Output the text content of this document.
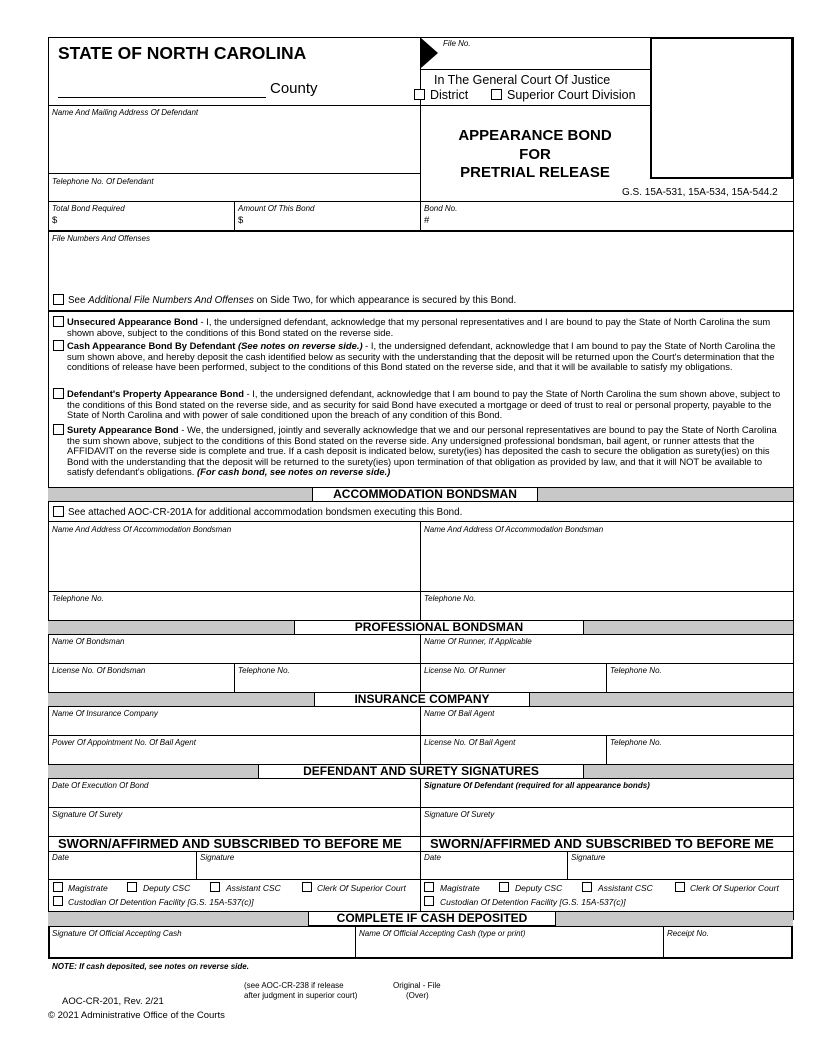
STATE OF NORTH CAROLINA
County
File No.
In The General Court Of Justice
District	Superior Court Division
Name And Mailing Address Of Defendant
APPEARANCE BOND
FOR
PRETRIAL RELEASE
Telephone No. Of Defendant
G.S. 15A-531, 15A-534, 15A-544.2
Total Bond Required
$
Amount Of This Bond
$
Bond No.
#
File Numbers And Offenses
See Additional File Numbers And Offenses on Side Two, for which appearance is secured by this Bond.
Unsecured Appearance Bond - I, the undersigned defendant, acknowledge that my personal representatives and I are bound to pay the State of North Carolina the sum shown above, subject to the conditions of this Bond stated on the reverse side.
Cash Appearance Bond By Defendant (See notes on reverse side.) - I, the undersigned defendant, acknowledge that I am bound to pay the State of North Carolina the sum shown above, and hereby deposit the cash identified below as security with the understanding that the deposit will be returned upon the Court's determination that the conditions of release have been performed, subject to the conditions of this Bond stated on the reverse side, and that it will be available to satisfy my obligations.
Defendant's Property Appearance Bond - I, the undersigned defendant, acknowledge that I am bound to pay the State of North Carolina the sum shown above, subject to the conditions of this Bond stated on the reverse side, and as security for said Bond have executed a mortgage or deed of trust to real or personal property, payable to the State of North Carolina and with power of sale conditioned upon the breach of any condition of this Bond.
Surety Appearance Bond - We, the undersigned, jointly and severally acknowledge that we and our personal representatives are bound to pay the State of North Carolina the sum shown above, subject to the conditions of this Bond stated on the reverse side. Any undersigned professional bondsman, bail agent, or runner attests that the AFFIDAVIT on the reverse side is complete and true. If a cash deposit is indicated below, surety(ies) has deposited the cash to secure the obligation as surety(ies) on this Bond with the understanding that the deposit will be returned to the surety(ies) upon termination of that obligation as provided by law, and that it will NOT be available to satisfy defendant's obligations. (For cash bond, see notes on reverse side.)
ACCOMMODATION BONDSMAN
See attached AOC-CR-201A for additional accommodation bondsmen executing this Bond.
Name And Address Of Accommodation Bondsman	Name And Address Of Accommodation Bondsman
Telephone No.	Telephone No.
PROFESSIONAL BONDSMAN
Name Of Bondsman	Name Of Runner, If Applicable
License No. Of Bondsman	Telephone No.	License No. Of Runner	Telephone No.
INSURANCE COMPANY
Name Of Insurance Company	Name Of Bail Agent
Power Of Appointment No. Of Bail Agent	License No. Of Bail Agent	Telephone No.
DEFENDANT AND SURETY SIGNATURES
Date Of Execution Of Bond	Signature Of Defendant (required for all appearance bonds)
Signature Of Surety	Signature Of Surety
SWORN/AFFIRMED AND SUBSCRIBED TO BEFORE ME SWORN/AFFIRMED AND SUBSCRIBED TO BEFORE ME
Date	Signature	Date	Signature
Magistrate	Deputy CSC	Assistant CSC	Clerk Of Superior Court
Custodian Of Detention Facility [G.S. 15A-537(c)]
Magistrate	Deputy CSC	Assistant CSC	Clerk Of Superior Court
Custodian Of Detention Facility [G.S. 15A-537(c)]
COMPLETE IF CASH DEPOSITED
Signature Of Official Accepting Cash	Name Of Official Accepting Cash (type or print)	Receipt No.
NOTE: If cash deposited, see notes on reverse side.
(see AOC-CR-238 if release
after judgment in superior court)
Original - File
(Over)
AOC-CR-201, Rev. 2/21
© 2021 Administrative Office of the Courts
